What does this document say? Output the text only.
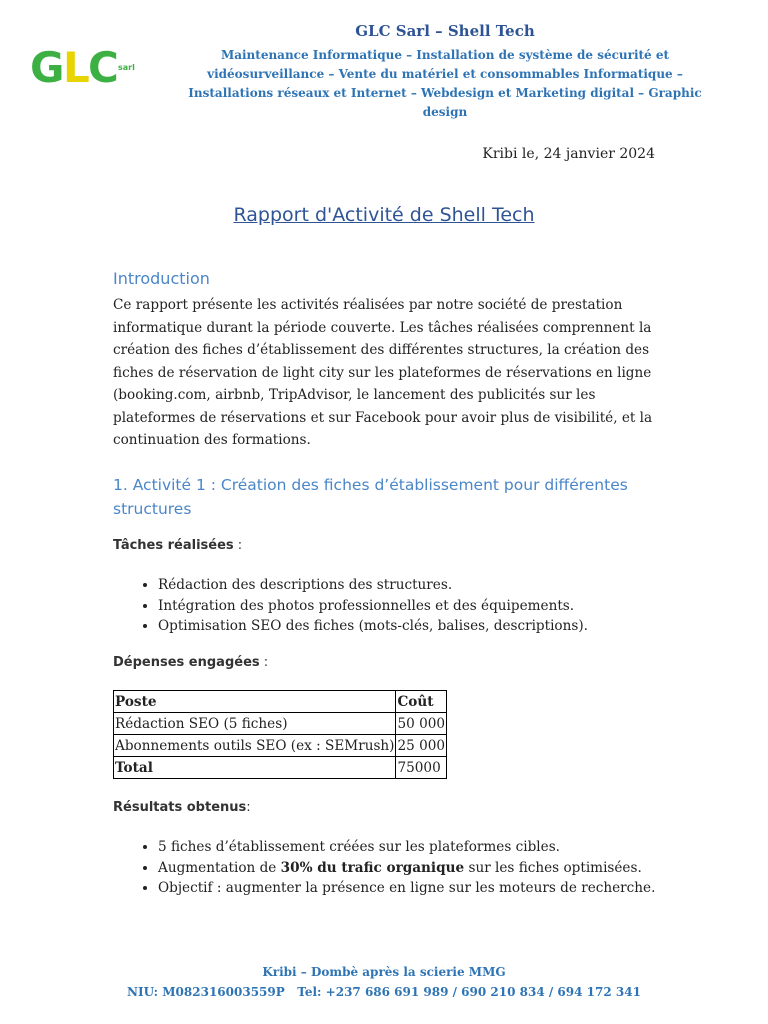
G
L
C sarl

GLC Sarl – Shell Tech

Maintenance Informatique – Installation de système de sécurité et vidéosurveillance – Vente du matériel et consommables Informatique – Installations réseaux et Internet – Webdesign et Marketing digital – Graphic design

Kribi le, 24 janvier 2024
Rapport d'Activité de Shell Tech
Introduction

Ce rapport présente les activités réalisées par notre société de prestation informatique durant la période couverte. Les tâches réalisées comprennent la création des fiches d’établissement des différentes structures, la création des fiches de réservation de light city sur les plateformes de réservations en ligne (booking.com, airbnb, TripAdvisor, le lancement des publicités sur les plateformes de réservations et sur Facebook pour avoir plus de visibilité, et la continuation des formations.

1. Activité 1 : Création des fiches d’établissement pour différentes structures
Tâches réalisées :
• Rédaction des descriptions des structures.
• Intégration des photos professionnelles et des équipements.
• Optimisation SEO des fiches (mots-clés, balises, descriptions).
Dépenses engagées :
Poste	Coût
Rédaction SEO (5 fiches)	50 000
Abonnements outils SEO (ex : SEMrush)	25 000
Total	75000
Résultats obtenus:
• 5 fiches d’établissement créées sur les plateformes cibles.
• Augmentation de 30% du trafic organique sur les fiches optimisées.
• Objectif : augmenter la présence en ligne sur les moteurs de recherche.
Kribi – Dombè après la scierie MMG
NIU: M082316003559P   Tel: +237 686 691 989 / 690 210 834 / 694 172 341
